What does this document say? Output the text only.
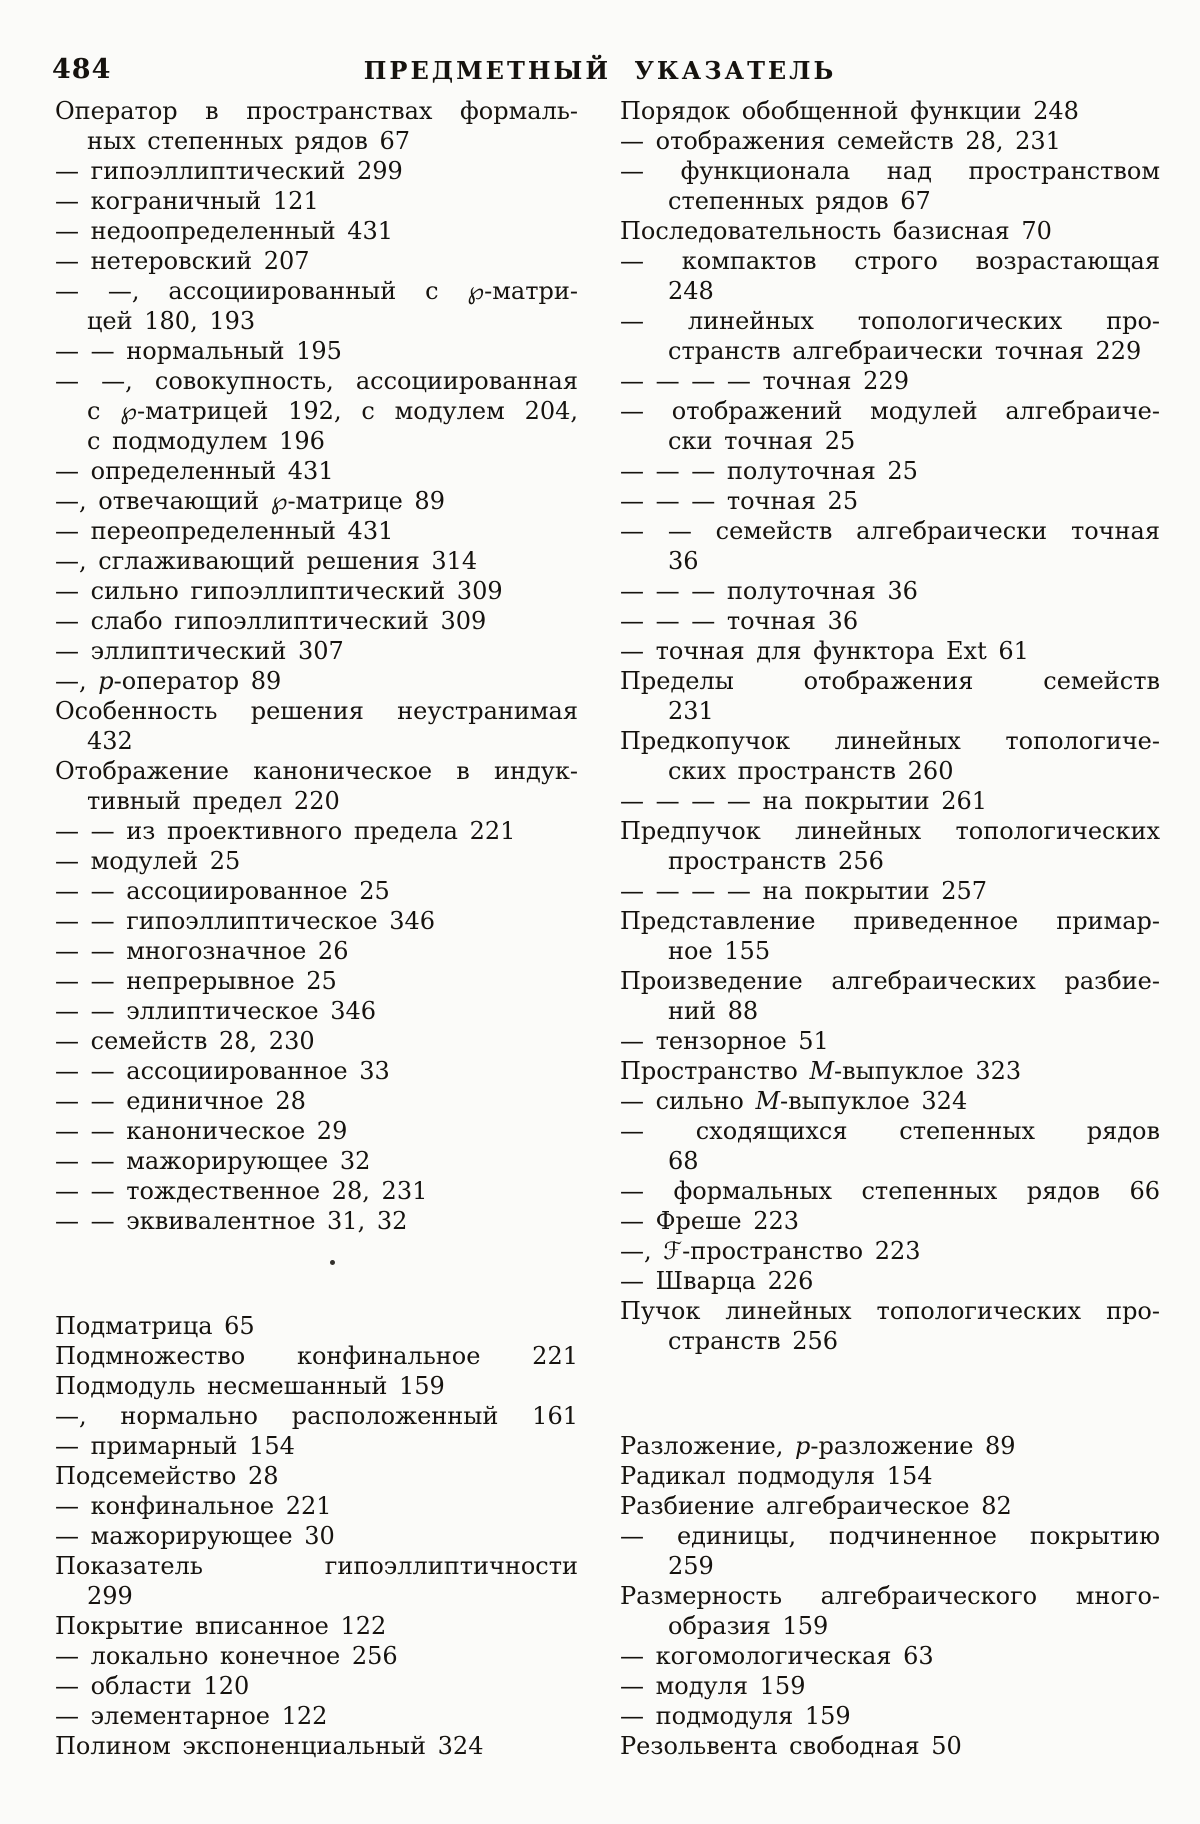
484	ПРЕДМЕТНЫЙ УКАЗАТЕЛЬ
Оператор в пространствах формаль-
ных степенных рядов 67
— гипоэллиптический 299
— кограничный 121
— недоопределенный 431
— нетеровский 207
— —, ассоциированный с ℘-матри-
цей 180, 193
— — нормальный 195
— —, совокупность, ассоциированная
с ℘-матрицей 192, с модулем 204,
с подмодулем 196
— определенный 431
—, отвечающий ℘-матрице 89
— переопределенный 431
—, сглаживающий решения 314
— сильно гипоэллиптический 309
— слабо гипоэллиптический 309
— эллиптический 307
—, p-оператор 89
Особенность решения неустранимая
432
Отображение каноническое в индук-
тивный предел 220
— — из проективного предела 221
— модулей 25
— — ассоциированное 25
— — гипоэллиптическое 346
— — многозначное 26
— — непрерывное 25
— — эллиптическое 346
— семейств 28, 230
— — ассоциированное 33
— — единичное 28
— — каноническое 29
— — мажорирующее 32
— — тождественное 28, 231
— — эквивалентное 31, 32
Подматрица 65
Подмножество конфинальное 221
Подмодуль несмешанный 159
—, нормально расположенный 161
— примарный 154
Подсемейство 28
— конфинальное 221
— мажорирующее 30
Показатель гипоэллиптичности
299
Покрытие вписанное 122
— локально конечное 256
— области 120
— элементарное 122
Полином экспоненциальный 324
Порядок обобщенной функции 248
— отображения семейств 28, 231
— функционала над пространством
степенных рядов 67
Последовательность базисная 70
— компактов строго возрастающая
248
— линейных топологических про-
странств алгебраически точная 229
— — — — точная 229
— отображений модулей алгебраиче-
ски точная 25
— — — полуточная 25
— — — точная 25
— — семейств алгебраически точная
36
— — — полуточная 36
— — — точная 36
— точная для функтора Ext 61
Пределы отображения семейств
231
Предкопучок линейных топологиче-
ских пространств 260
— — — — на покрытии 261
Предпучок линейных топологических
пространств 256
— — — — на покрытии 257
Представление приведенное примар-
ное 155
Произведение алгебраических разбие-
ний 88
— тензорное 51
Пространство M-выпуклое 323
— сильно M-выпуклое 324
— сходящихся степенных рядов
68
— формальных степенных рядов 66
— Фреше 223
—, ℱ-пространство 223
— Шварца 226
Пучок линейных топологических про-
странств 256
Разложение, p-разложение 89
Радикал подмодуля 154
Разбиение алгебраическое 82
— единицы, подчиненное покрытию
259
Размерность алгебраического много-
образия 159
— когомологическая 63
— модуля 159
— подмодуля 159
Резольвента свободная 50
